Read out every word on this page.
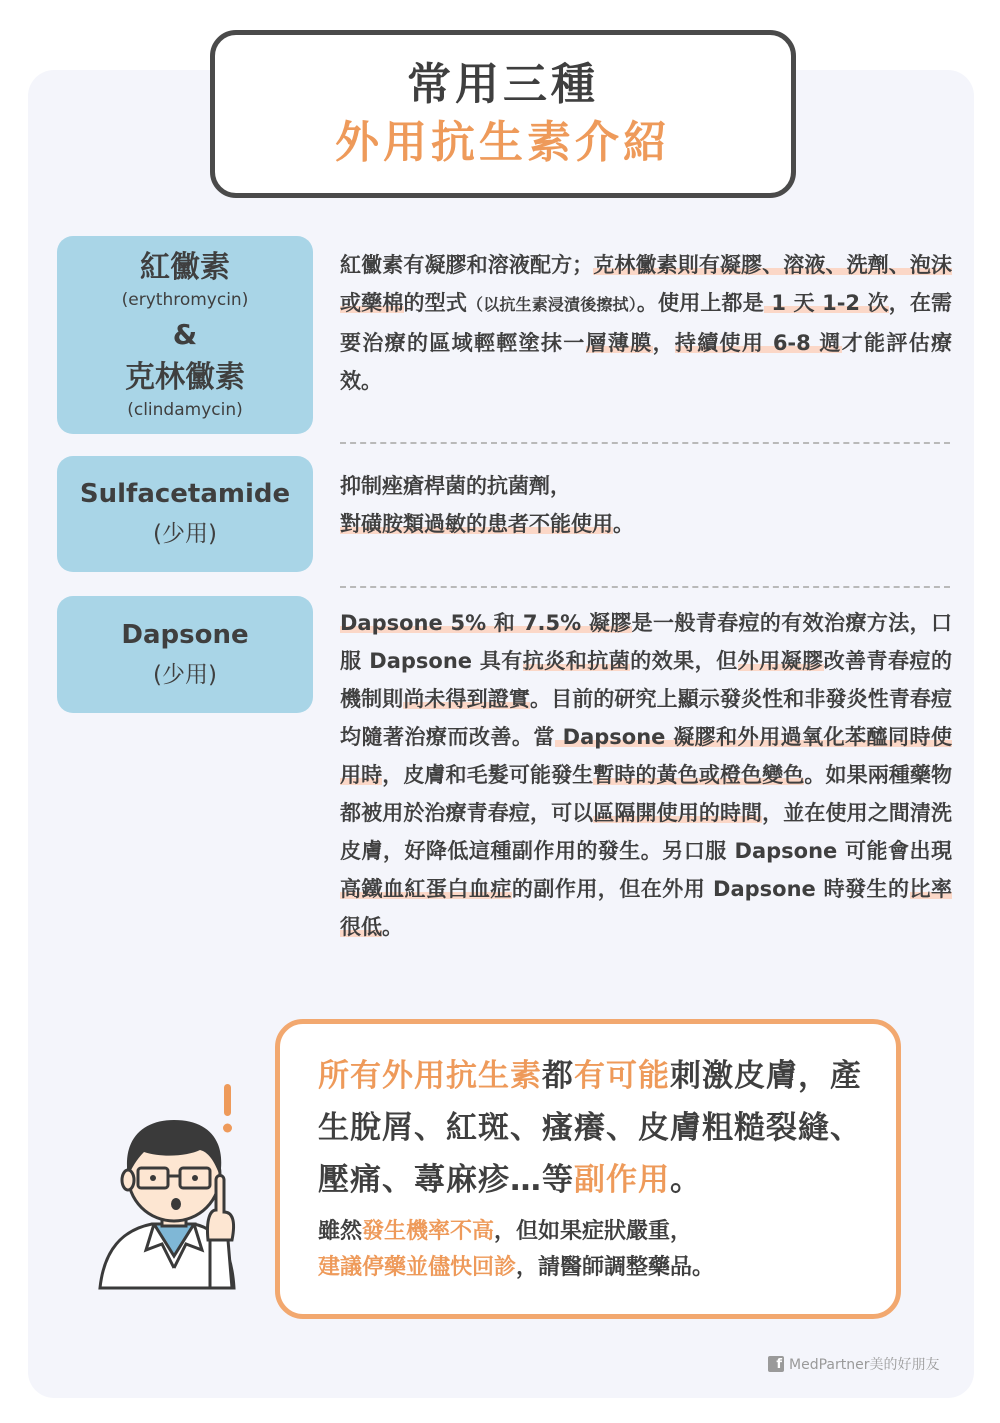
常用三種
外用抗生素介紹
紅黴素
(erythromycin)
&
克林黴素
(clindamycin)

紅黴素有凝膠和溶液配方；克林黴素則有凝膠、溶液、洗劑、泡沫或藥棉的型式（以抗生素浸漬後擦拭）。使用上都是 1 天 1-2 次，在需要治療的區域輕輕塗抹一層薄膜，持續使用 6-8 週才能評估療效。

Sulfacetamide
(少用)

抑制痤瘡桿菌的抗菌劑，
對磺胺類過敏的患者不能使用。

Dapsone
(少用)

Dapsone 5% 和 7.5% 凝膠是一般青春痘的有效治療方法，口服 Dapsone 具有抗炎和抗菌的效果，但外用凝膠改善青春痘的機制則尚未得到證實。目前的研究上顯示發炎性和非發炎性青春痘均隨著治療而改善。當 Dapsone 凝膠和外用過氧化苯醯同時使用時，皮膚和毛髮可能發生暫時的黃色或橙色變色。如果兩種藥物都被用於治療青春痘，可以區隔開使用的時間，並在使用之間清洗皮膚，好降低這種副作用的發生。另口服 Dapsone 可能會出現高鐵血紅蛋白血症的副作用，但在外用 Dapsone 時發生的比率很低。

所有外用抗生素都有可能刺激皮膚，產生脫屑、紅斑、瘙癢、皮膚粗糙裂縫、壓痛、蕁麻疹…等副作用。

雖然發生機率不高，但如果症狀嚴重，
建議停藥並儘快回診，請醫師調整藥品。

f MedPartner美的好朋友
